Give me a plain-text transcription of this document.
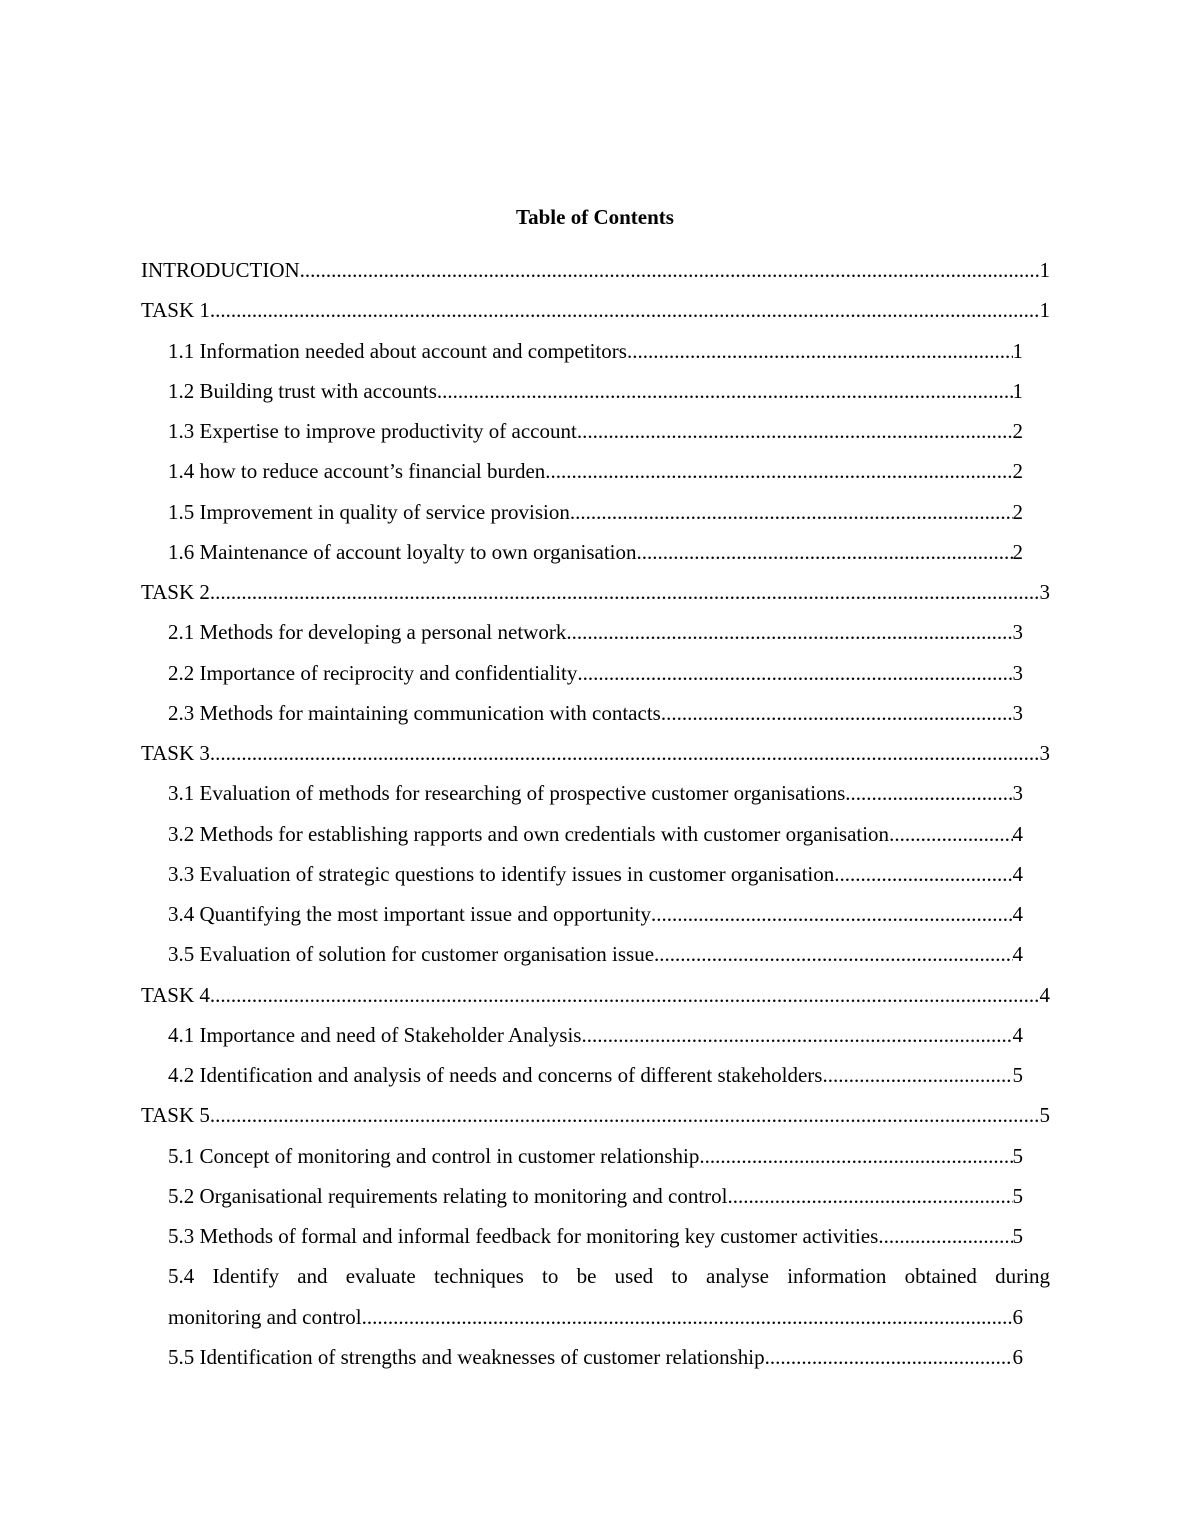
Table of Contents
INTRODUCTION .....	1
TASK 1 .....	1
1.1 Information needed about account and competitors .....	1
1.2 Building trust with accounts .....	1
1.3 Expertise to improve productivity of account .....	2
1.4 how to reduce account’s financial burden .....	2
1.5 Improvement in quality of service provision .....	2
1.6 Maintenance of account loyalty to own organisation .....	2
TASK 2 .....	3
2.1 Methods for developing a personal network .....	3
2.2 Importance of reciprocity and confidentiality .....	3
2.3 Methods for maintaining communication with contacts .....	3
TASK 3 .....	3
3.1 Evaluation of methods for researching of prospective customer organisations .....	3
3.2 Methods for establishing rapports and own credentials with customer organisation .....	4
3.3 Evaluation of strategic questions to identify issues in customer organisation .....	4
3.4 Quantifying the most important issue and opportunity .....	4
3.5 Evaluation of solution for customer organisation issue .....	4
TASK 4 .....	4
4.1 Importance and need of Stakeholder Analysis .....	4
4.2 Identification and analysis of needs and concerns of different stakeholders .....	5
TASK 5 .....	5
5.1 Concept of monitoring and control in customer relationship .....	5
5.2 Organisational requirements relating to monitoring and control .....	5
5.3 Methods of formal and informal feedback for monitoring key customer activities .....	5
5.4 Identify and evaluate techniques to be used to analyse information obtained during
monitoring and control .....	6
5.5 Identification of strengths and weaknesses of customer relationship .....	6
